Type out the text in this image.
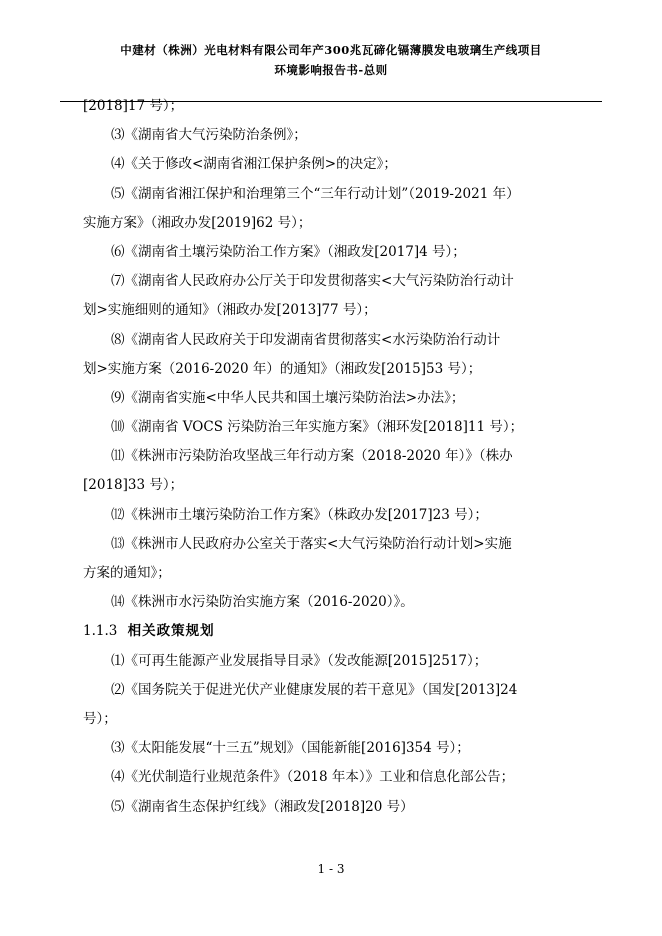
中建材（株洲）光电材料有限公司年产300兆瓦碲化镉薄膜发电玻璃生产线项目
环境影响报告书-总则
[2018]17 号）；
⑶《湖南省大气污染防治条例》；
⑷《关于修改<湖南省湘江保护条例>的决定》；
⑸《湖南省湘江保护和治理第三个“三年行动计划”（2019-2021 年）
实施方案》（湘政办发[2019]62 号）；
⑹《湖南省土壤污染防治工作方案》（湘政发[2017]4 号）；
⑺《湖南省人民政府办公厅关于印发贯彻落实<大气污染防治行动计
划>实施细则的通知》（湘政办发[2013]77 号）；
⑻《湖南省人民政府关于印发湖南省贯彻落实<水污染防治行动计
划>实施方案（2016-2020 年）的通知》（湘政发[2015]53 号）；
⑼《湖南省实施<中华人民共和国土壤污染防治法>办法》；
⑽《湖南省 VOCS 污染防治三年实施方案》（湘环发[2018]11 号）；
⑾《株洲市污染防治攻坚战三年行动方案（2018-2020 年）》（株办
[2018]33 号）；
⑿《株洲市土壤污染防治工作方案》（株政办发[2017]23 号）；
⒀《株洲市人民政府办公室关于落实<大气污染防治行动计划>实施
方案的通知》；
⒁《株洲市水污染防治实施方案（2016-2020）》。
1.1.3 相关政策规划
⑴《可再生能源产业发展指导目录》（发改能源[2015]2517）；
⑵《国务院关于促进光伏产业健康发展的若干意见》（国发[2013]24
号）；
⑶《太阳能发展“十三五”规划》（国能新能[2016]354 号）；
⑷《光伏制造行业规范条件》（2018 年本）》工业和信息化部公告；
⑸《湖南省生态保护红线》（湘政发[2018]20 号）
1 - 3
